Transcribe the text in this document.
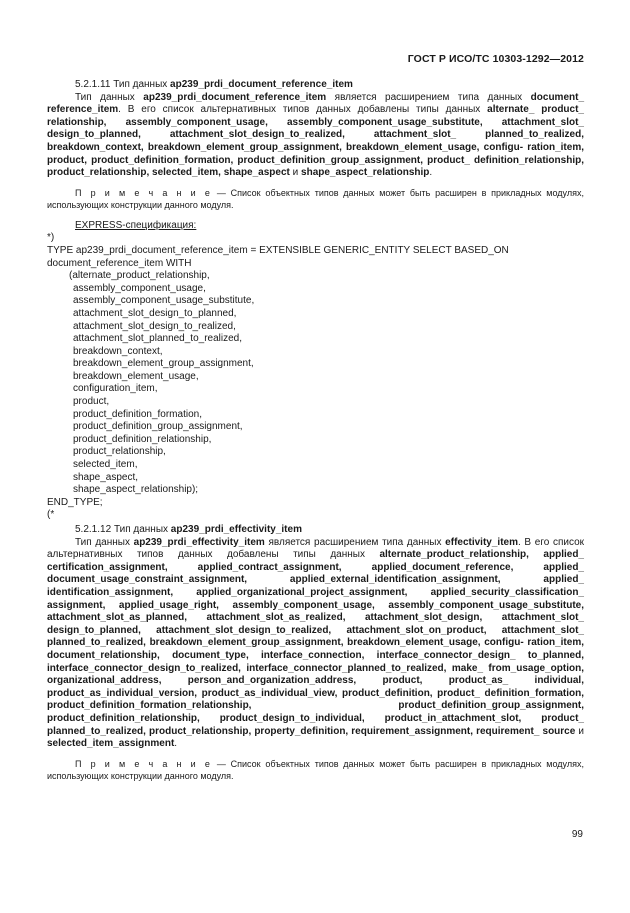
ГОСТ Р ИСО/ТС 10303-1292—2012

5.2.1.11 Тип данных ap239_prdi_document_reference_item

Тип данных ap239_prdi_document_reference_item является расширением типа данных document_ reference_item. В его список альтернативных типов данных добавлены типы данных alternate_ product_ relationship, assembly_component_usage, assembly_component_usage_substitute, attachment_slot_ design_to_planned, attachment_slot_design_to_realized, attachment_slot_ planned_to_realized, breakdown_context, breakdown_element_group_assignment, breakdown_element_usage, configu- ration_item, product, product_definition_formation, product_definition_group_assignment, product_ definition_relationship, product_relationship, selected_item, shape_aspect и shape_aspect_relationship.

П р и м е ч а н и е — Список объектных типов данных может быть расширен в прикладных модулях, использующих конструкции данного модуля.

EXPRESS-спецификация:

*)

TYPE ap239_prdi_document_reference_item = EXTENSIBLE GENERIC_ENTITY SELECT BASED_ON

document_reference_item WITH

(alternate_product_relationship,

assembly_component_usage,

assembly_component_usage_substitute,

attachment_slot_design_to_planned,

attachment_slot_design_to_realized,

attachment_slot_planned_to_realized,

breakdown_context,

breakdown_element_group_assignment,

breakdown_element_usage,

configuration_item,

product,

product_definition_formation,

product_definition_group_assignment,

product_definition_relationship,

product_relationship,

selected_item,

shape_aspect,

shape_aspect_relationship);

END_TYPE;

(*

5.2.1.12 Тип данных ap239_prdi_effectivity_item

Тип данных ap239_prdi_effectivity_item является расширением типа данных effectivity_item. В его список альтернативных типов данных добавлены типы данных alternate_product_relationship, applied_ certification_assignment, applied_contract_assignment, applied_document_reference, applied_ document_usage_constraint_assignment, applied_external_identification_assignment, applied_ identification_assignment, applied_organizational_project_assignment, applied_security_classification_ assignment, applied_usage_right, assembly_component_usage, assembly_component_usage_substitute, attachment_slot_as_planned, attachment_slot_as_realized, attachment_slot_design, attachment_slot_ design_to_planned, attachment_slot_design_to_realized, attachment_slot_on_product, attachment_slot_ planned_to_realized, breakdown_element_group_assignment, breakdown_element_usage, configu- ration_item, document_relationship, document_type, interface_connection, interface_connector_design_ to_planned, interface_connector_design_to_realized, interface_connector_planned_to_realized, make_ from_usage_option, organizational_address, person_and_organization_address, product, product_as_ individual, product_as_individual_version, product_as_individual_view, product_definition, product_ definition_formation, product_definition_formation_relationship, product_definition_group_assignment, product_definition_relationship, product_design_to_individual, product_in_attachment_slot, product_ planned_to_realized, product_relationship, property_definition, requirement_assignment, requirement_ source и selected_item_assignment.

П р и м е ч а н и е — Список объектных типов данных может быть расширен в прикладных модулях, использующих конструкции данного модуля.

99
